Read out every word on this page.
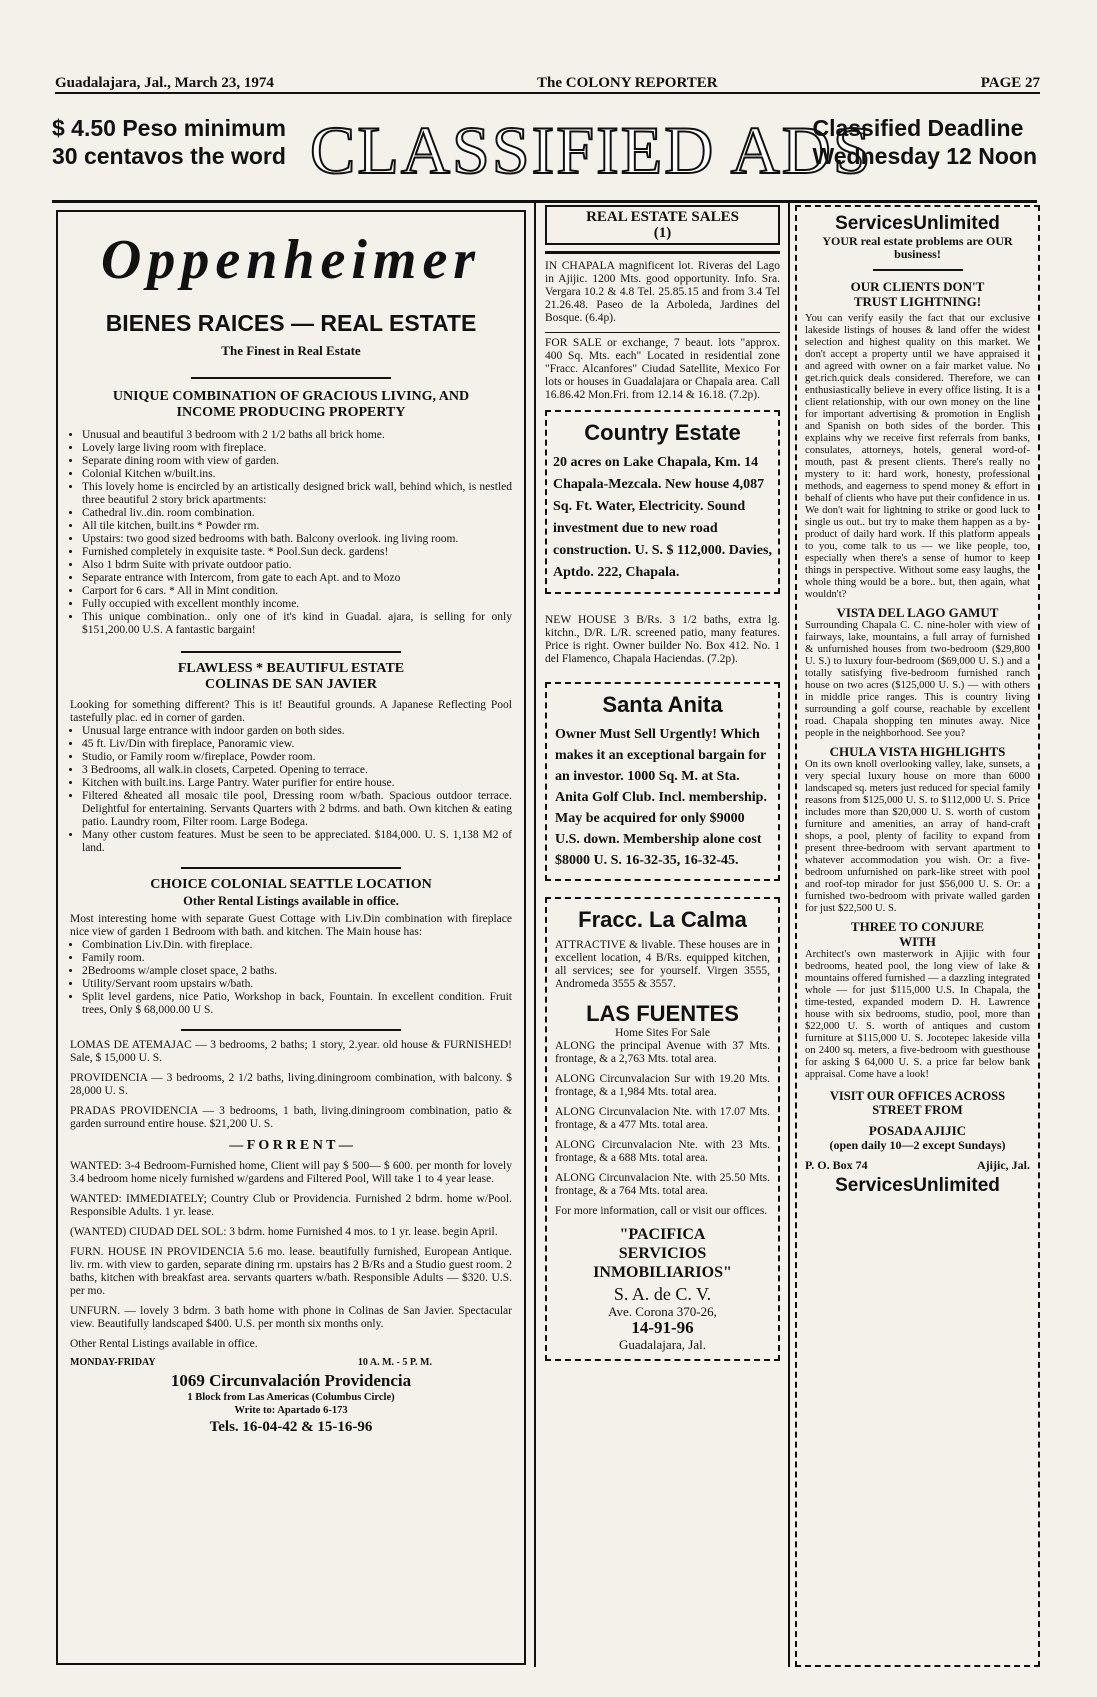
Guadalajara, Jal., March 23, 1974	The COLONY REPORTER	PAGE 27
$ 4.50 Peso minimum
30 centavos the word CLASSIFIED ADS
Classified Deadline
Wednesday 12 Noon
Oppenheimer
BIENES RAICES — REAL ESTATE
The Finest in Real Estate
UNIQUE COMBINATION OF GRACIOUS LIVING, AND INCOME PRODUCING PROPERTY
• Unusual and beautiful 3 bedroom with 2 1/2 baths all brick home.
• Lovely large living room with fireplace.
• Separate dining room with view of garden.
• Colonial Kitchen w/built.ins.
• This lovely home is encircled by an artistically designed brick wall, behind which, is nestled three beautiful 2 story brick apartments:
• Cathedral liv..din. room combination.
• All tile kitchen, built.ins * Powder rm.
• Upstairs: two good sized bedrooms with bath. Balcony overlook. ing living room.
• Furnished completely in exquisite taste. * Pool.Sun deck. gardens!
• Also 1 bdrm Suite with private outdoor patio.
• Separate entrance with Intercom, from gate to each Apt. and to Mozo
• Carport for 6 cars. * All in Mint condition.
• Fully occupied with excellent monthly income.
• This unique combination.. only one of it's kind in Guadal. ajara, is selling for only $151,200.00 U.S. A fantastic bargain!
FLAWLESS * BEAUTIFUL ESTATE COLINAS DE SAN JAVIER
Looking for something different? This is it! Beautiful grounds. A Japanese Reflecting Pool tastefully plac. ed in corner of garden.
• Unusual large entrance with indoor garden on both sides.
• 45 ft. Liv/Din with fireplace, Panoramic view.
• Studio, or Family room w/fireplace, Powder room.
• 3 Bedrooms, all walk.in closets, Carpeted. Opening to terrace.
• Kitchen with built.ins. Large Pantry. Water purifier for entire house.
• Filtered &heated all mosaic tile pool, Dressing room w/bath. Spacious outdoor terrace. Delightful for entertaining. Servants Quarters with 2 bdrms. and bath. Own kitchen & eating patio. Laundry room, Filter room. Large Bodega.
• Many other custom features. Must be seen to be appreciated. $184,000. U. S. 1,138 M2 of land.
CHOICE COLONIAL SEATTLE LOCATION
Other Rental Listings available in office.
Most interesting home with separate Guest Cottage with Liv.Din combination with fireplace nice view of garden 1 Bedroom with bath. and kitchen. The Main house has:
• Combination Liv.Din. with fireplace.
• Family room.
• 2Bedrooms w/ample closet space, 2 baths.
• Utility/Servant room upstairs w/bath.
• Split level gardens, nice Patio, Workshop in back, Fountain. In excellent condition. Fruit trees, Only $ 68,000.00 U S.

LOMAS DE ATEMAJAC — 3 bedrooms, 2 baths; 1 story, 2.year. old house & FURNISHED! Sale, $ 15,000 U. S.

PROVIDENCIA — 3 bedrooms, 2 1/2 baths, living.diningroom combination, with balcony. $ 28,000 U. S.

PRADAS PROVIDENCIA — 3 bedrooms, 1 bath, living.diningroom combination, patio & garden surround entire house. $21,200 U. S.

— F O R R E N T —

WANTED: 3-4 Bedroom-Furnished home, Client will pay $ 500— $ 600. per month for lovely 3.4 bedroom home nicely furnished w/gardens and Filtered Pool, Will take 1 to 4 year lease.

WANTED: IMMEDIATELY; Country Club or Providencia. Furnished 2 bdrm. home w/Pool. Responsible Adults. 1 yr. lease.

(WANTED) CIUDAD DEL SOL: 3 bdrm. home Furnished 4 mos. to 1 yr. lease. begin April.

FURN. HOUSE IN PROVIDENCIA 5.6 mo. lease. beautifully furnished, European Antique. liv. rm. with view to garden, separate dining rm. upstairs has 2 B/Rs and a Studio guest room. 2 baths, kitchen with breakfast area. servants quarters w/bath. Responsible Adults — $320. U.S. per mo.

UNFURN. — lovely 3 bdrm. 3 bath home with phone in Colinas de San Javier. Spectacular view. Beautifully landscaped $400. U.S. per month six months only.

Other Rental Listings available in office.
MONDAY-FRIDAY	10 A. M. - 5 P. M.
1069 Circunvalación Providencia
1 Block from Las Americas (Columbus Circle)
Write to: Apartado 6-173
Tels. 16-04-42 & 15-16-96
REAL ESTATE SALES
(1)

IN CHAPALA magnificent lot. Riveras del Lago in Ajijic. 1200 Mts. good opportunity. Info. Sra. Vergara 10.2 & 4.8 Tel. 25.85.15 and from 3.4 Tel 21.26.48. Paseo de la Arboleda, Jardines del Bosque. (6.4p).

FOR SALE or exchange, 7 beaut. lots "approx. 400 Sq. Mts. each" Located in residential zone "Fracc. Alcanfores" Ciudad Satellite, Mexico For lots or houses in Guadalajara or Chapala area. Call 16.86.42 Mon.Fri. from 12.14 & 16.18. (7.2p).

Country Estate
20 acres on Lake Chapala, Km. 14 Chapala-Mezcala. New house 4,087 Sq. Ft. Water, Electricity. Sound investment due to new road construction. U. S. $ 112,000. Davies, Aptdo. 222, Chapala.

NEW HOUSE 3 B/Rs. 3 1/2 baths, extra lg. kitchn., D/R. L/R. screened patio, many features. Price is right. Owner builder No. Box 412. No. 1 del Flamenco, Chapala Haciendas. (7.2p).

Santa Anita
Owner Must Sell Urgently! Which makes it an exceptional bargain for an investor. 1000 Sq. M. at Sta. Anita Golf Club. Incl. membership. May be acquired for only $9000 U.S. down. Membership alone cost $8000 U. S. 16-32-35, 16-32-45.
Fracc. La Calma
ATTRACTIVE & livable. These houses are in excellent location, 4 B/Rs. equipped kitchen, all services; see for yourself. Virgen 3555, Andromeda 3555 & 3557.
LAS FUENTES
Home Sites For Sale

ALONG the principal Avenue with 37 Mts. frontage, & a 2,763 Mts. total area.

ALONG Circunvalacion Sur with 19.20 Mts. frontage, & a 1,984 Mts. total area.

ALONG Circunvalacion Nte. with 17.07 Mts. frontage, & a 477 Mts. total area.

ALONG Circunvalacion Nte. with 23 Mts. frontage, & a 688 Mts. total area.

ALONG Circunvalacion Nte. with 25.50 Mts. frontage, & a 764 Mts. total area.

For more information, call or visit our offices.

"PACIFICA
SERVICIOS
INMOBILIARIOS"
S. A. de C. V.
Ave. Corona 370-26,
14-91-96
Guadalajara, Jal.
ServicesUnlimited
YOUR real estate problems are OUR business!
OUR CLIENTS DON'T TRUST LIGHTNING!
You can verify easily the fact that our exclusive lakeside listings of houses & land offer the widest selection and highest quality on this market. We don't accept a property until we have appraised it and agreed with owner on a fair market value. No get.rich.quick deals considered. Therefore, we can enthusiastically believe in every office listing. It is a client relationship, with our own money on the line for important advertising & promotion in English and Spanish on both sides of the border. This explains why we receive first referrals from banks, consulates, attorneys, hotels, general word-of-mouth, past & present clients. There's really no mystery to it: hard work, honesty, professional methods, and eagerness to spend money & effort in behalf of clients who have put their confidence in us. We don't wait for lightning to strike or good luck to single us out.. but try to make them happen as a by-product of daily hard work. If this platform appeals to you, come talk to us — we like people, too, especially when there's a sense of humor to keep things in perspective. Without some easy laughs, the whole thing would be a bore.. but, then again, what wouldn't?
VISTA DEL LAGO GAMUT
Surrounding Chapala C. C. nine-holer with view of fairways, lake, mountains, a full array of furnished & unfurnished houses from two-bedroom ($29,800 U. S.) to luxury four-bedroom ($69,000 U. S.) and a totally satisfying five-bedroom furnished ranch house on two acres ($125,000 U. S.) — with others in middle price ranges. This is country living surrounding a golf course, reachable by excellent road. Chapala shopping ten minutes away. Nice people in the neighborhood. See you?
CHULA VISTA HIGHLIGHTS
On its own knoll overlooking valley, lake, sunsets, a very special luxury house on more than 6000 landscaped sq. meters just reduced for special family reasons from $125,000 U. S. to $112,000 U. S. Price includes more than $20,000 U. S. worth of custom furniture and amenities, an array of hand-craft shops, a pool, plenty of facility to expand from present three-bedroom with servant apartment to whatever accommodation you wish. Or: a five-bedroom unfurnished on park-like street with pool and roof-top mirador for just $56,000 U. S. Or: a furnished two-bedroom with private walled garden for just $22,500 U. S.
THREE TO CONJURE WITH
Architect's own masterwork in Ajijic with four bedrooms, heated pool, the long view of lake & mountains offered furnished — a dazzling integrated whole — for just $115,000 U.S. In Chapala, the time-tested, expanded modern D. H. Lawrence house with six bedrooms, studio, pool, more than $22,000 U. S. worth of antiques and custom furniture at $115,000 U. S. Jocotepec lakeside villa on 2400 sq. meters, a five-bedroom with guesthouse for asking $ 64,000 U. S. a price far below bank appraisal. Come have a look!
VISIT OUR OFFICES ACROSS STREET FROM
POSADA AJIJIC
(open daily 10—2 except Sundays)
P. O. Box 74	Ajijic, Jal.
ServicesUnlimited
